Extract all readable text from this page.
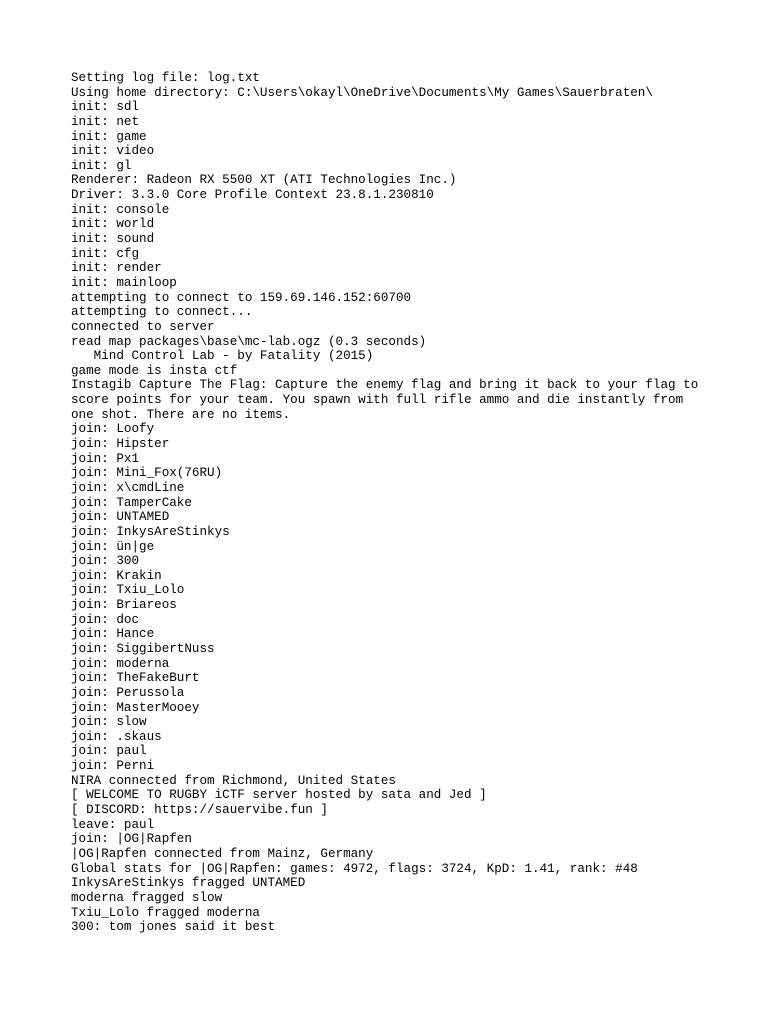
Setting log file: log.txt
Using home directory: C:\Users\okayl\OneDrive\Documents\My Games\Sauerbraten\
init: sdl
init: net
init: game
init: video
init: gl
Renderer: Radeon RX 5500 XT (ATI Technologies Inc.)
Driver: 3.3.0 Core Profile Context 23.8.1.230810
init: console
init: world
init: sound
init: cfg
init: render
init: mainloop
attempting to connect to 159.69.146.152:60700
attempting to connect...
connected to server
read map packages\base\mc-lab.ogz (0.3 seconds)
Mind Control Lab - by Fatality (2015)
game mode is insta ctf
Instagib Capture The Flag: Capture the enemy flag and bring it back to your flag to
score points for your team. You spawn with full rifle ammo and die instantly from
one shot. There are no items.
join: Loofy
join: Hipster
join: Px1
join: Mini_Fox(76RU)
join: x\cmdLine
join: TamperCake
join: UNTAMED
join: InkysAreStinkys
join: ün|ge
join: 300
join: Krakin
join: Txiu_Lolo
join: Briareos
join: doc
join: Hance
join: SiggibertNuss
join: moderna
join: TheFakeBurt
join: Perussola
join: MasterMooey
join: slow
join: .skaus
join: paul
join: Perni
NIRA connected from Richmond, United States
[ WELCOME TO RUGBY iCTF server hosted by sata and Jed ]
[ DISCORD: https://sauervibe.fun ]
leave: paul
join: |OG|Rapfen
|OG|Rapfen connected from Mainz, Germany
Global stats for |OG|Rapfen: games: 4972, flags: 3724, KpD: 1.41, rank: #48
InkysAreStinkys fragged UNTAMED
moderna fragged slow
Txiu_Lolo fragged moderna
300: tom jones said it best
